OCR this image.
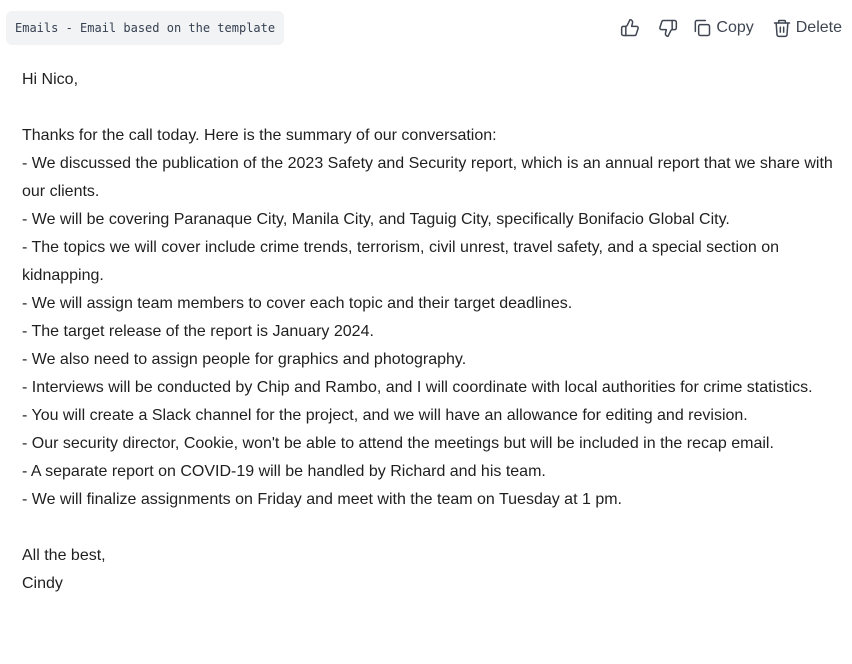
Emails - Email based on the template	Copy	Delete

Hi Nico,

Thanks for the call today. Here is the summary of our conversation:

- We discussed the publication of the 2023 Safety and Security report, which is an annual report that we share with our clients.

- We will be covering Paranaque City, Manila City, and Taguig City, specifically Bonifacio Global City.

- The topics we will cover include crime trends, terrorism, civil unrest, travel safety, and a special section on kidnapping.

- We will assign team members to cover each topic and their target deadlines.

- The target release of the report is January 2024.

- We also need to assign people for graphics and photography.

- Interviews will be conducted by Chip and Rambo, and I will coordinate with local authorities for crime statistics.

- You will create a Slack channel for the project, and we will have an allowance for editing and revision.

- Our security director, Cookie, won't be able to attend the meetings but will be included in the recap email.

- A separate report on COVID-19 will be handled by Richard and his team.

- We will finalize assignments on Friday and meet with the team on Tuesday at 1 pm.

All the best,

Cindy
